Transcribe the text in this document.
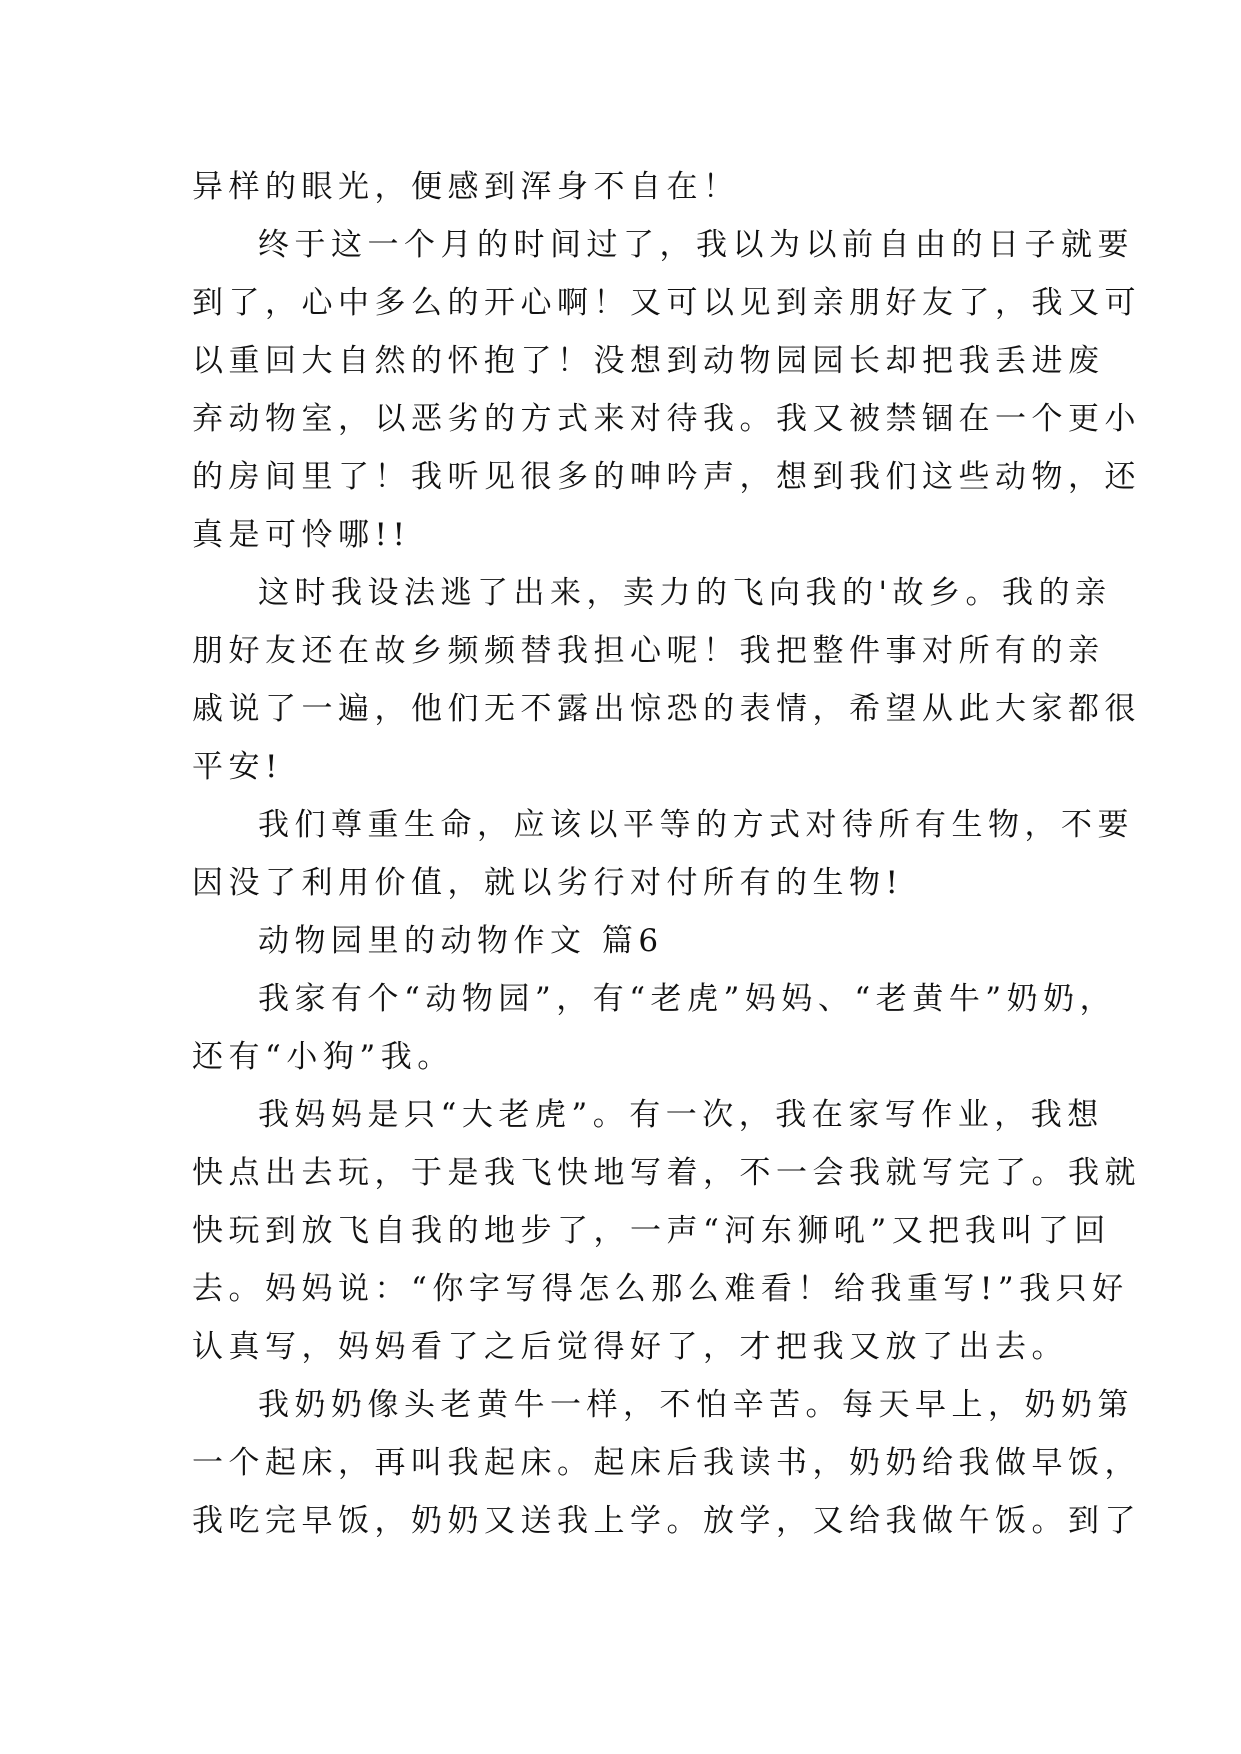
异样的眼光，便感到浑身不自在！
终于这一个月的时间过了，我以为以前自由的日子就要
到了，心中多么的开心啊！又可以见到亲朋好友了，我又可
以重回大自然的怀抱了！没想到动物园园长却把我丢进废
弃动物室，以恶劣的方式来对待我。我又被禁锢在一个更小
的房间里了！我听见很多的呻吟声，想到我们这些动物，还
真是可怜哪!!
这时我设法逃了出来，卖力的飞向我的'故乡。我的亲
朋好友还在故乡频频替我担心呢！我把整件事对所有的亲
戚说了一遍，他们无不露出惊恐的表情，希望从此大家都很
平安!
我们尊重生命，应该以平等的方式对待所有生物，不要
因没了利用价值，就以劣行对付所有的生物!
动物园里的动物作文 篇6
我家有个“动物园”，有“老虎”妈妈、“老黄牛”奶奶，
还有“小狗”我。
我妈妈是只“大老虎”。有一次，我在家写作业，我想
快点出去玩，于是我飞快地写着，不一会我就写完了。我就
快玩到放飞自我的地步了，一声“河东狮吼”又把我叫了回
去。妈妈说：“你字写得怎么那么难看！给我重写!”我只好
认真写，妈妈看了之后觉得好了，才把我又放了出去。
我奶奶像头老黄牛一样，不怕辛苦。每天早上，奶奶第
一个起床，再叫我起床。起床后我读书，奶奶给我做早饭，
我吃完早饭，奶奶又送我上学。放学，又给我做午饭。到了
